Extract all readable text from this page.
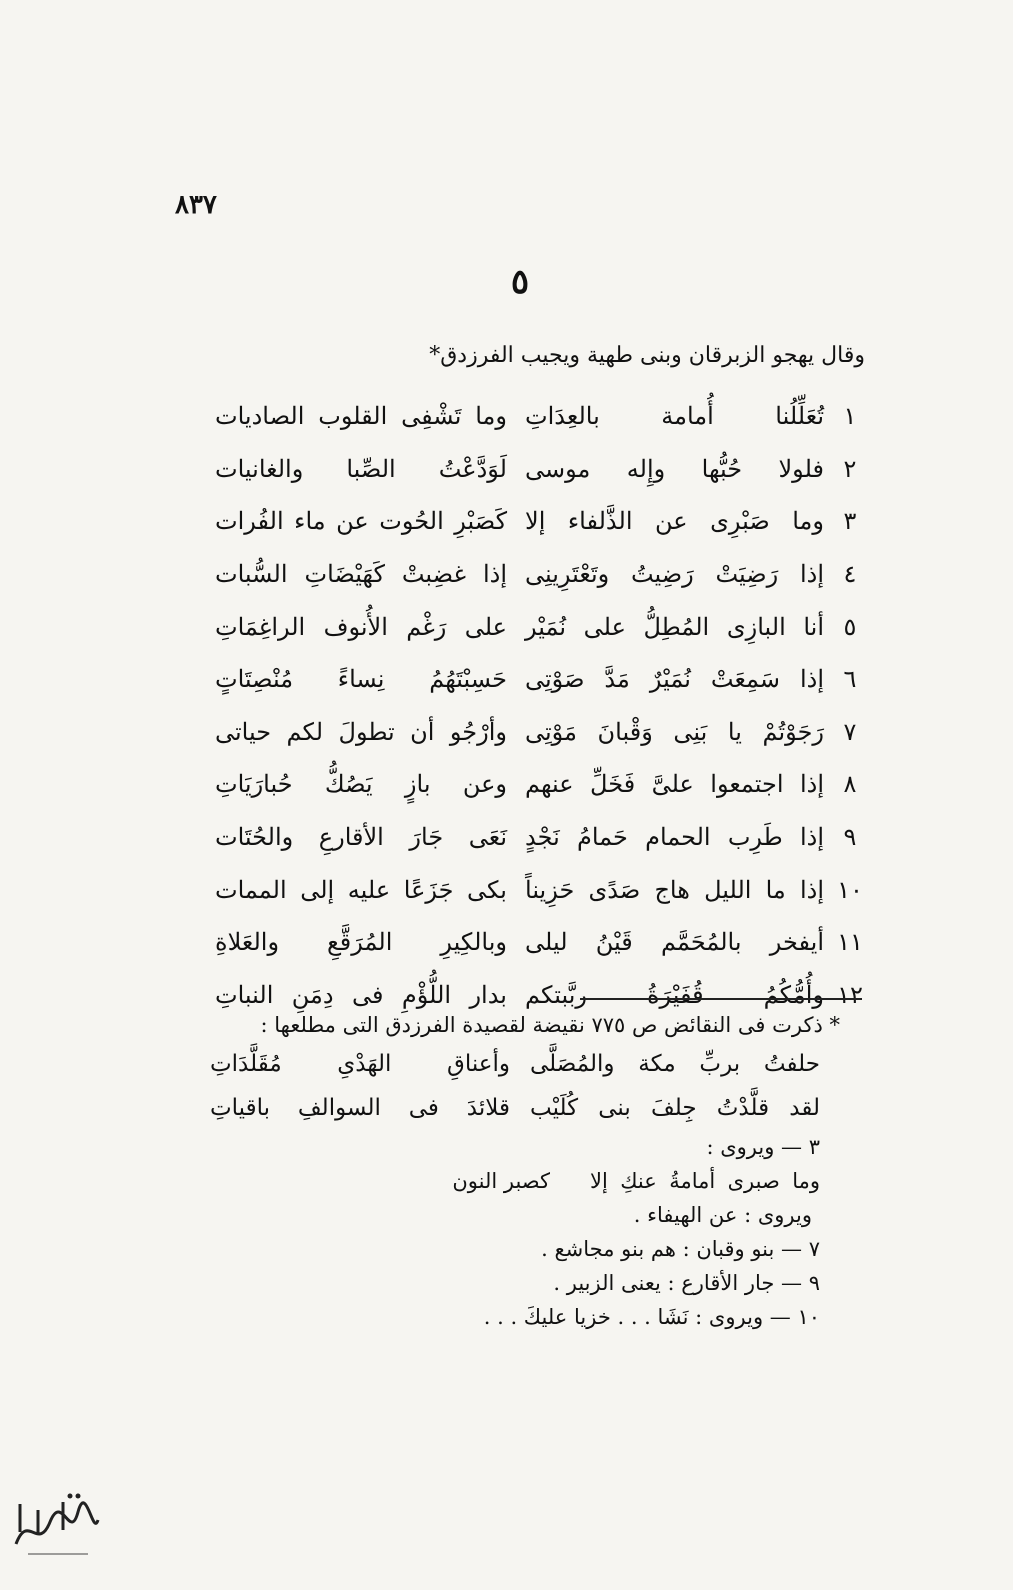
٨٣٧

٥

وقال يهجو الزبرقان وبنى طهية ويجيب الفرزدق*

١
تُعَلِّلُنا أُمامة بالعِدَاتِ
وما تَشْفِى القلوب الصاديات
٢
فلولا حُبُّها وإِله موسى
لَوَدَّعْتُ الصِّبا والغانيات
٣
وما صَبْرِى عن الذَّلفاء إلا
كَصَبْرِ الحُوت عن ماء الفُرات
٤
إذا رَضِيَتْ رَضِيتُ وتَعْتَرِينِى
إذا غضِبتْ كَهَيْضَاتِ السُّبات
٥
أنا البازِى المُطِلُّ على نُمَيْر
على رَغْم الأُنوف الراغِمَاتِ
٦
إذا سَمِعَتْ نُمَيْرٌ مَدَّ صَوْتِى
حَسِبْتَهُمُ نِساءً مُنْصِتَاتٍ
٧
رَجَوْتُمْ يا بَنِى وَقْبانَ مَوْتِى
وأرْجُو أن تطولَ لكم حياتى
٨
إذا اجتمعوا علىَّ فَخَلِّ عنهم
وعن بازٍ يَصُكُّ حُبارَيَاتِ
٩
إذا طَرِب الحمام حَمامُ نَجْدٍ
نَعَى جَارَ الأقارعِ والحُتَات
١٠
إذا ما الليل هاج صَدًى حَزِيناً
بكى جَزَعًا عليه إلى الممات
١١
أيفخر بالمُحَمَّم قَيْنُ ليلى
وبالكِيرِ المُرَقَّعِ والعَلاةِ
١٢
وأُمُّكُمُ قُفَيْرَةُ ربَّبتكم
بدار اللُّؤْمِ فى دِمَنِ النباتِ

* ذكرت فى النقائض ص ٧٧٥ نقيضة لقصيدة الفرزدق التى مطلعها :

حلفتُ بربِّ مكة والمُصَلَّى
وأعناقِ الهَدْىِ مُقَلَّدَاتِ
لقد قلَّدْتُ جِلفَ بنى كُلَيْب
قلائدَ فى السوالفِ باقياتِ

٣ — ويروى :

وما صبرى أمامةُ عنكِ إلا
كصبر النون

ويروى : عن الهيفاء .

٧ — بنو وقبان : هم بنو مجاشع .

٩ — جار الأقارع : يعنى الزبير .

١٠ — ويروى : نَشَا . . . خزيا عليكَ . . .
